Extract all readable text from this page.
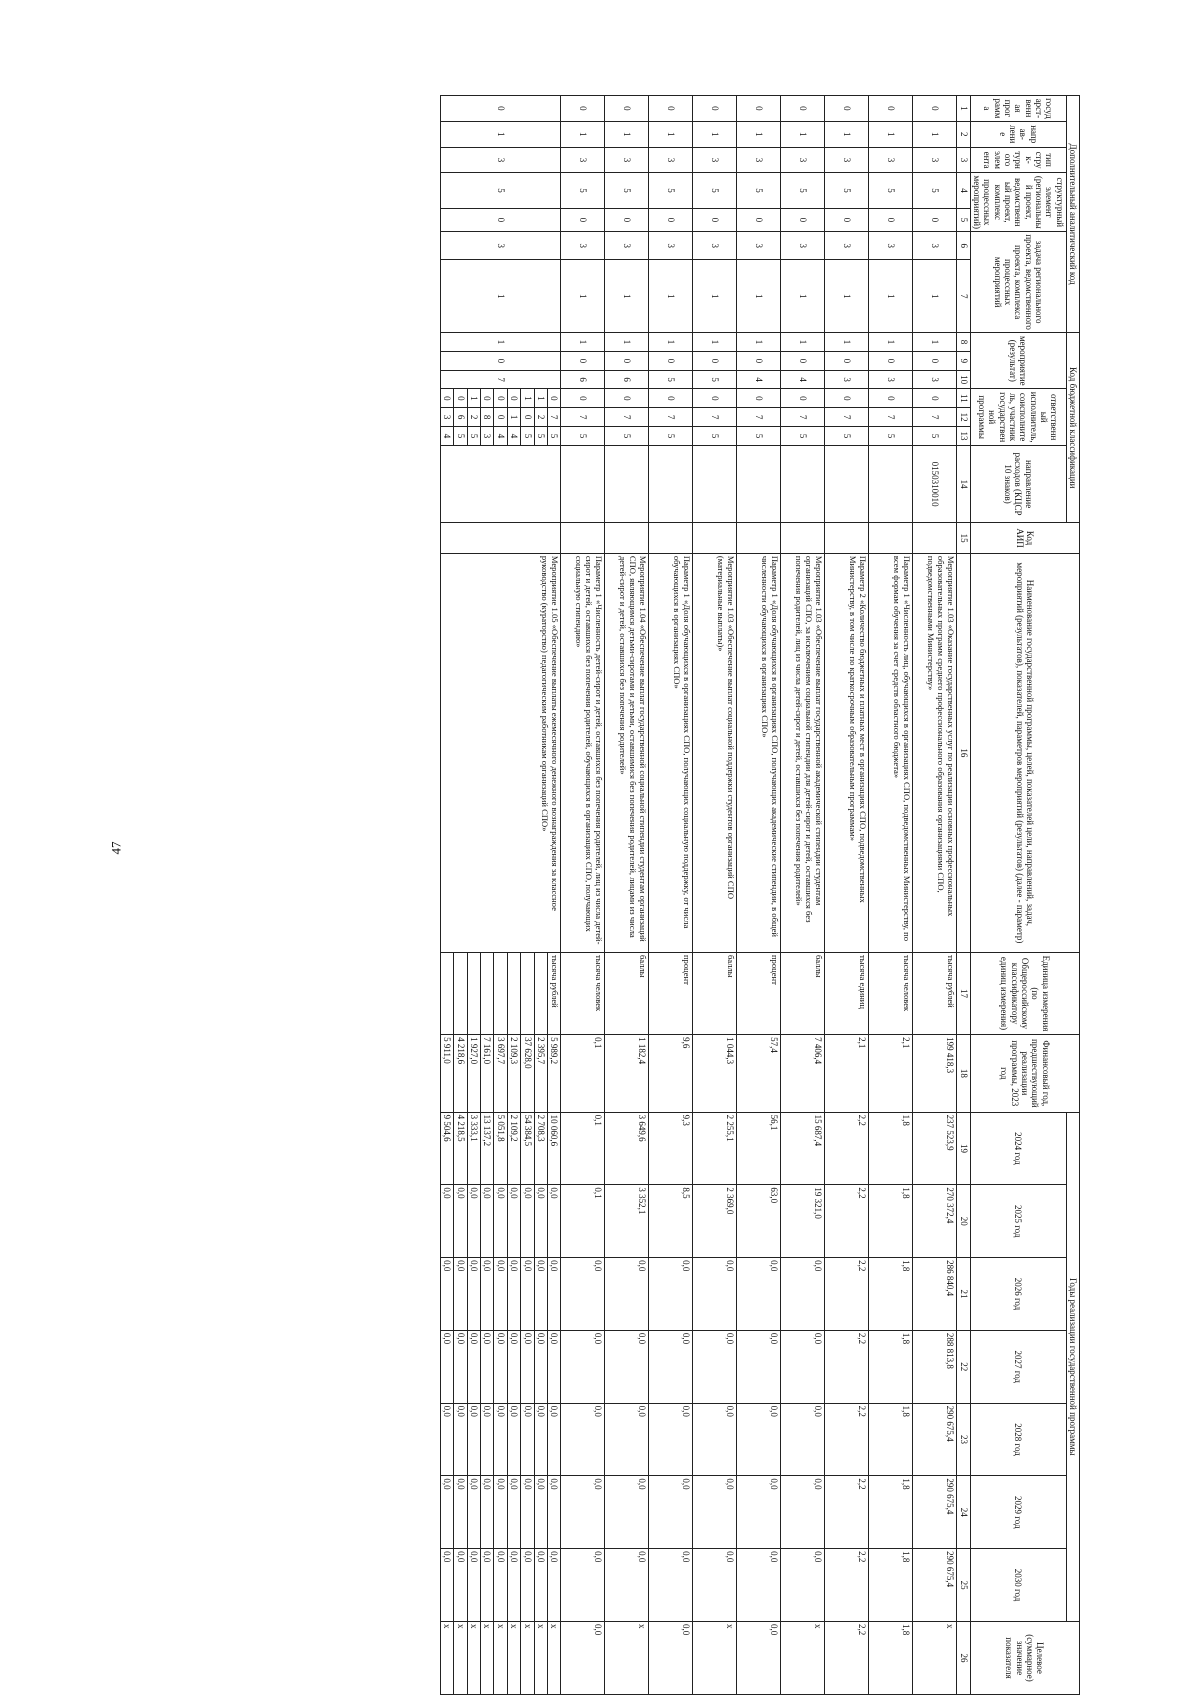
47
Дополнительный аналитический код							Код бюджетной классификации							Код АИП	Наименование государственной программы, целей, показателей цели, направлений, задач, мероприятий (результатов), показателей, параметров мероприятий (результатов) (далее - параметр)	Единица измерения (по Общероссийскому классификатору единиц измерения)	Финансовый год, предшествующий реализации программы, 2023 год	Годы реализации государственной программы							Целевое (суммарное) значение показателя
государст-венная программа	направ-ление	тип струк-турного элемента	структурный элемент (региональный проект, ведомственный проект, комплекс процессных мероприятий)		задача регионального проекта, ведомственного проекта, комплекса процессных мероприятий		мероприятие (результат)			ответственный исполнитель, соисполнитель, участник государственной программы			направление расходов (КЦСР 10 знаков)					2024 год	2025 год	2026 год	2027 год	2028 год	2029 год	2030 год	

1	2	3	4	5	6	7	8	9	10	11	12	13	14	15	16	17	18	19	20	21	22	23	24	25	26
0	1	3	5	0	3	1	1	0	3	0	7	5	0150310010		Мероприятие 1.03 «Оказание государственных услуг по реализации основных профессиональных образовательных программ среднего профессионального образования организациями СПО, подведомственными Министерству»	тысяча рублей	199 418,3	237 523,9	270 372,4	286 840,4	288 813,8	290 675,4	290 675,4	290 675,4	х
0	1	3	5	0	3	1	1	0	3	0	7	5			Параметр 1 «Численность лиц, обучающихся в организациях СПО, подведомственных Министерству, по всем формам обучения за счет средств областного бюджета»	тысяча человек	2,1	1,8	1,8	1,8	1,8	1,8	1,8	1,8	1,8
0	1	3	5	0	3	1	1	0	3	0	7	5			Параметр 2 «Количество бюджетных и платных мест в организациях СПО, подведомственных Министерству, в том числе по краткосрочным образовательным программам»	тысяча единиц	2,1	2,2	2,2	2,2	2,2	2,2	2,2	2,2	2,2
0	1	3	5	0	3	1	1	0	4	0	7	5			Мероприятие 1.03 «Обеспечение выплат государственной академической стипендии студентам организаций СПО, за исключением социальной стипендии для детей-сирот и детей, оставшихся без попечения родителей, лиц из числа детей-сирот и детей, оставшихся без попечения родителей»	баллы	7 406,4	15 687,4	19 321,0	0,0	0,0	0,0	0,0	0,0	х
0	1	3	5	0	3	1	1	0	4	0	7	5			Параметр 1 «Доля обучающихся в организациях СПО, получающих академические стипендии, в общей численности обучающихся в организациях СПО»	процент	57,4	56,1	63,0	0,0	0,0	0,0	0,0	0,0	0,0
0	1	3	5	0	3	1	1	0	5	0	7	5			Мероприятие 1.03 «Обеспечение выплат социальной поддержки студентов организаций СПО (материальные выплаты)»	баллы	1 044,3	2 255,1	2 369,0	0,0	0,0	0,0	0,0	0,0	х
0	1	3	5	0	3	1	1	0	5	0	7	5			Параметр 1 «Доля обучающихся в организациях СПО, получающих социальную поддержку, от числа обучающихся в организациях СПО»	процент	9,6	9,3	8,5	0,0	0,0	0,0	0,0	0,0	0,0
0	1	3	5	0	3	1	1	0	6	0	7	5			Мероприятие 1.04 «Обеспечение выплат государственной социальной стипендии студентам организаций СПО, являющимся детьми-сиротами и детьми, оставшимися без попечения родителей, лицами из числа детей-сирот и детей, оставшихся без попечения родителей»	баллы	1 182,4	3 649,6	3 352,1	0,0	0,0	0,0	0,0	0,0	х
0	1	3	5	0	3	1	1	0	6	0	7	5			Параметр 1 «Численность детей-сирот и детей, оставшихся без попечения родителей, лиц из числа детей-сирот и детей, оставшихся без попечения родителей, обучающихся в организациях СПО, получающих социальную стипендию»	тысяча человек	0,1	0,1	0,1	0,0	0,0	0,0	0,0	0,0	0,0
0	1	3	5	0	3	1	1	0	7	0	7	5			Мероприятие 1.05 «Обеспечение выплаты ежемесячного денежного вознаграждения за классное руководство (кураторство) педагогическим работникам организаций СПО»	тысяча рублей	5 989,2	10 060,6	0,0	0,0	0,0	0,0	0,0	0,0	х
										1	2	5					2 395,7	2 708,3	0,0	0,0	0,0	0,0	0,0	0,0	х
										1	0	5					37 628,0	54 384,5	0,0	0,0	0,0	0,0	0,0	0,0	х
										0	1	4					2 109,3	2 109,2	0,0	0,0	0,0	0,0	0,0	0,0	х
										0	0	4					3 697,7	5 051,8	0,0	0,0	0,0	0,0	0,0	0,0	х
										0	8	3					7 161,0	13 137,2	0,0	0,0	0,0	0,0	0,0	0,0	х
										1	2	5					1 927,0	3 333,1	0,0	0,0	0,0	0,0	0,0	0,0	х
										0	6	5					4 218,6	4 218,5	0,0	0,0	0,0	0,0	0,0	0,0	х
										0	3	4					5 911,0	9 504,6	0,0	0,0	0,0	0,0	0,0	0,0	х
